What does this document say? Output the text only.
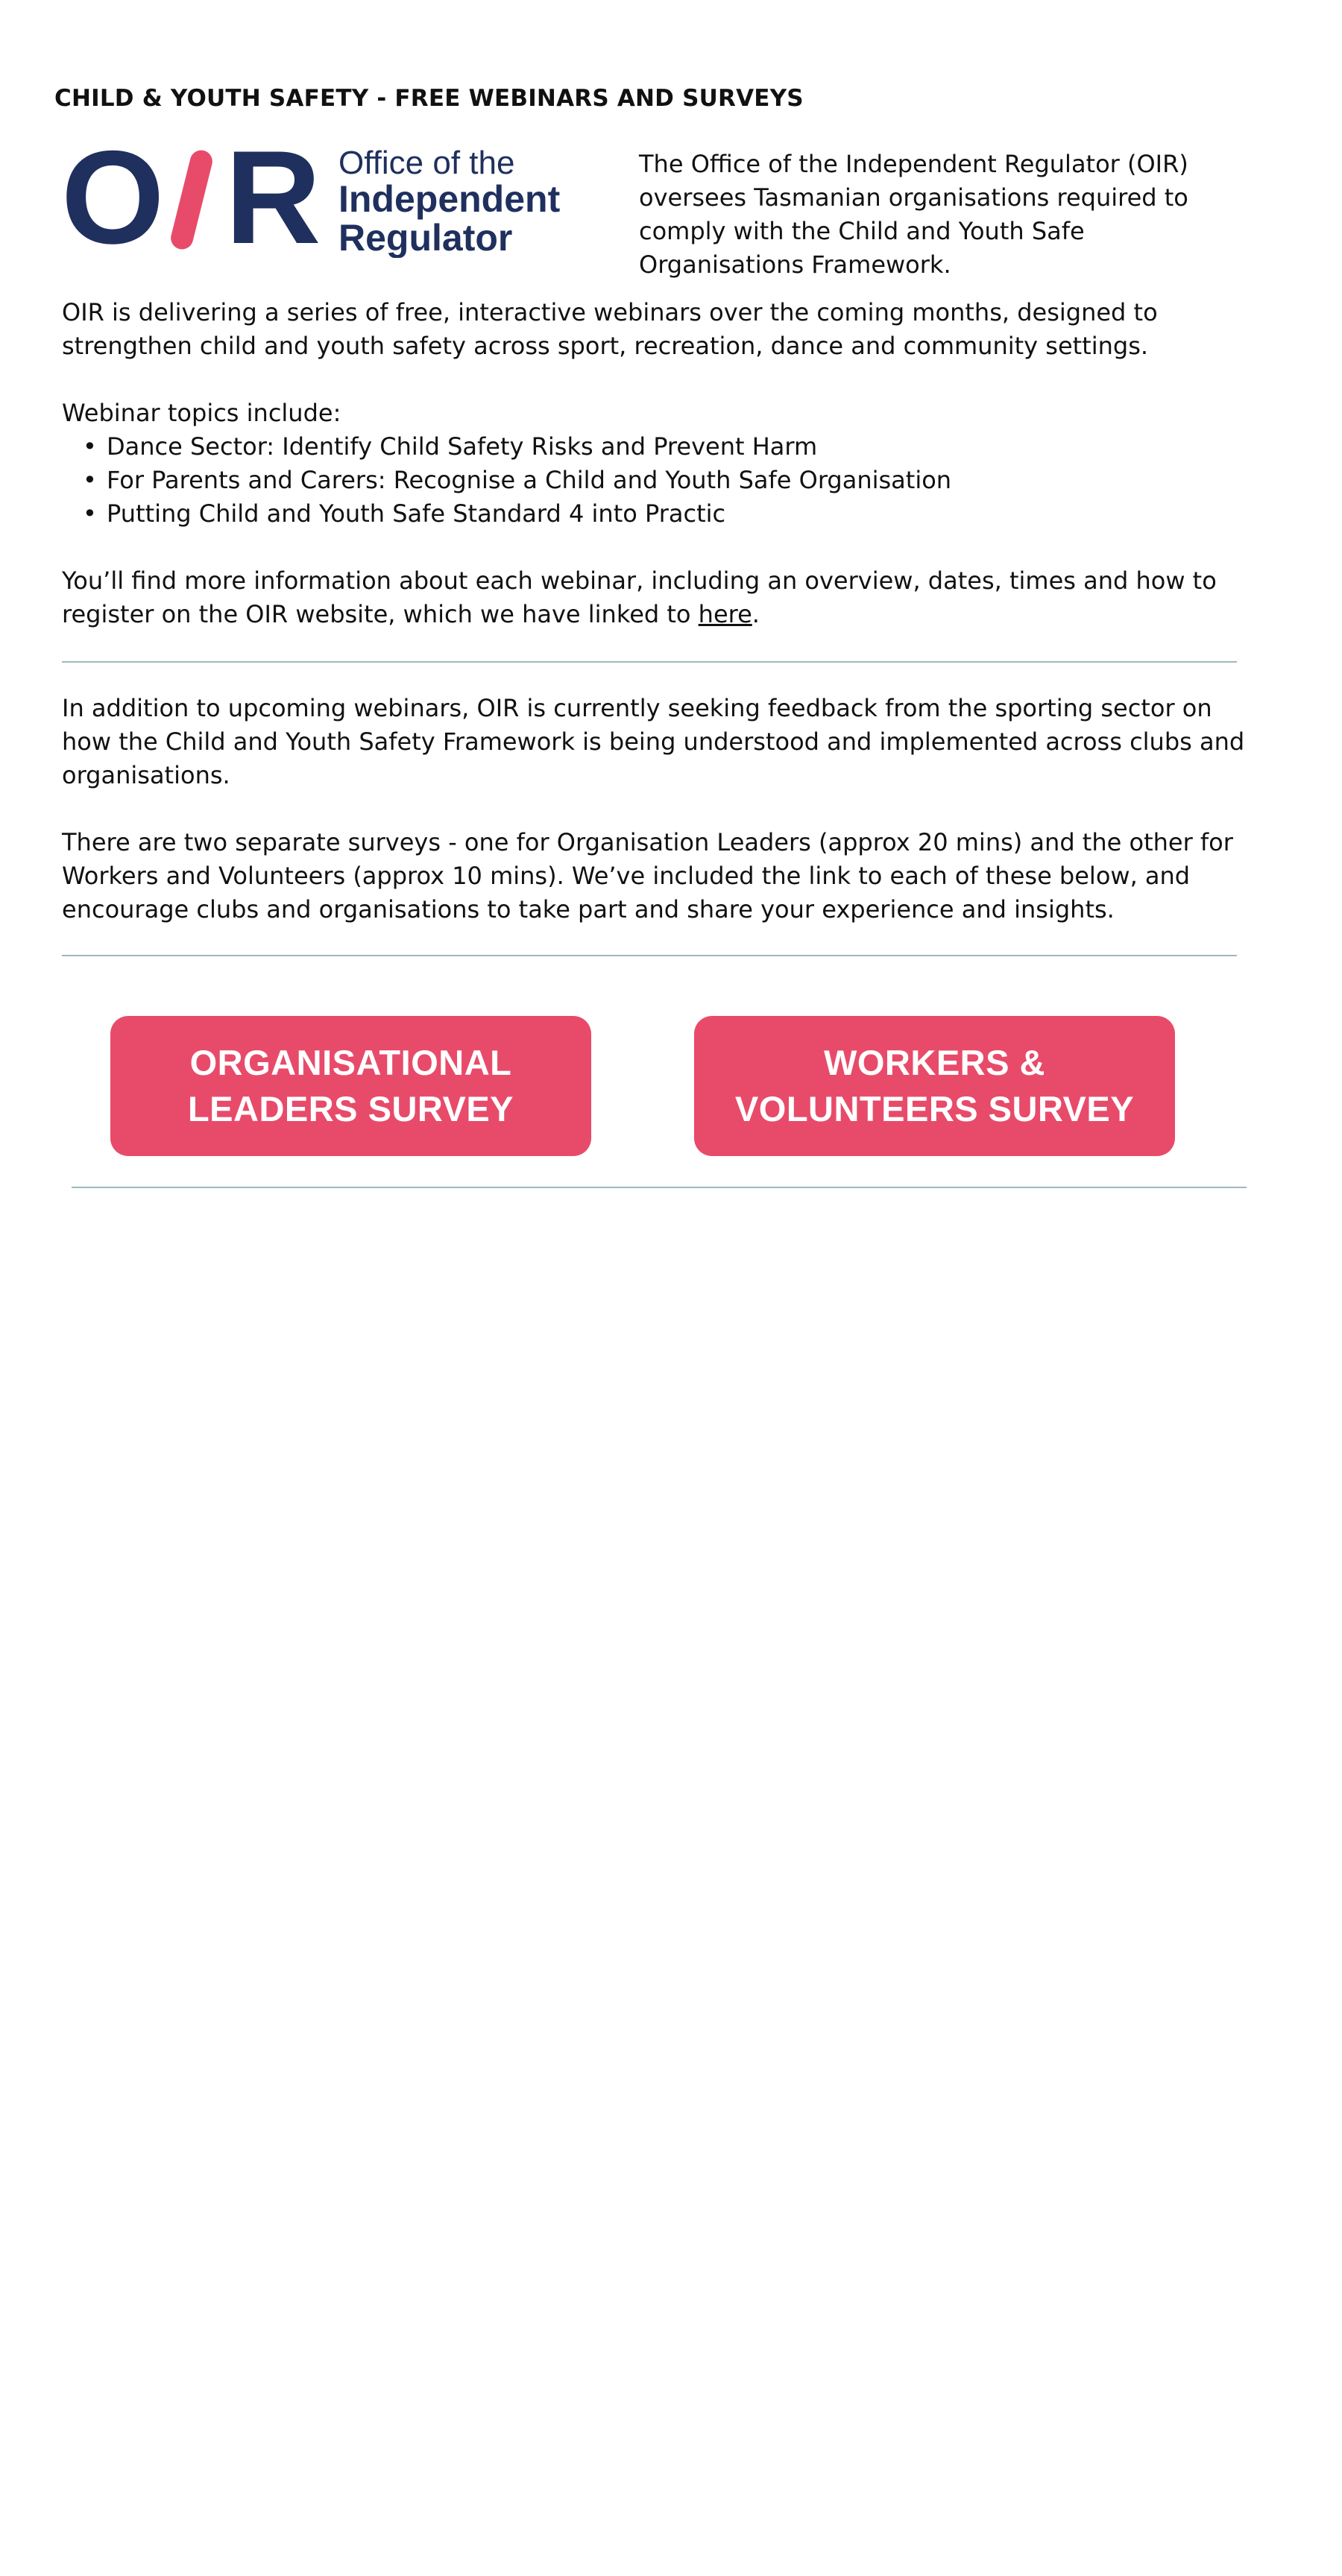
CHILD & YOUTH SAFETY - FREE WEBINARS AND SURVEYS
O R Office of the
Independent
Regulator
The Office of the Independent Regulator (OIR) oversees Tasmanian organisations required to comply with the Child and Youth Safe Organisations Framework.

OIR is delivering a series of free, interactive webinars over the coming months, designed to strengthen child and youth safety across sport, recreation, dance and community settings.

Webinar topics include:

• Dance Sector: Identify Child Safety Risks and Prevent Harm
• For Parents and Carers: Recognise a Child and Youth Safe Organisation
• Putting Child and Youth Safe Standard 4 into Practic

You’ll find more information about each webinar, including an overview, dates, times and how to register on the OIR website, which we have linked to here.

In addition to upcoming webinars, OIR is currently seeking feedback from the sporting sector on how the Child and Youth Safety Framework is being understood and implemented across clubs and organisations.

There are two separate surveys - one for Organisation Leaders (approx 20 mins) and the other for Workers and Volunteers (approx 10 mins). We’ve included the link to each of these below, and encourage clubs and organisations to take part and share your experience and insights.

ORGANISATIONAL LEADERS SURVEY
WORKERS & VOLUNTEERS SURVEY
